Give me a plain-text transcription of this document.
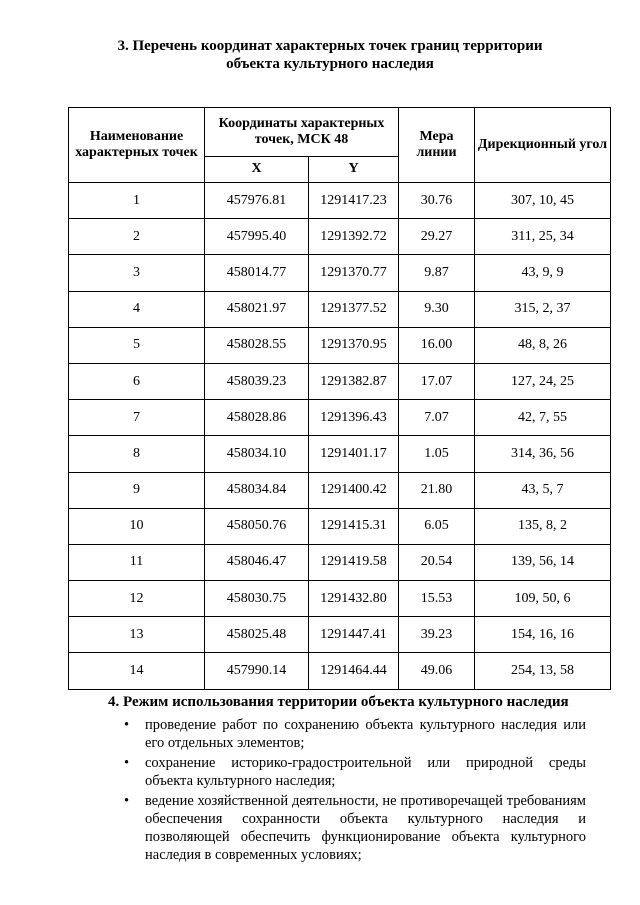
3. Перечень координат характерных точек границ территории
объекта культурного наследия
Наименование характерных точек	Координаты характерных точек, МСК 48		Мера линии	Дирекционный угол
	X	Y		
1	457976.81	1291417.23	30.76	307, 10, 45
2	457995.40	1291392.72	29.27	311, 25, 34
3	458014.77	1291370.77	9.87	43, 9, 9
4	458021.97	1291377.52	9.30	315, 2, 37
5	458028.55	1291370.95	16.00	48, 8, 26
6	458039.23	1291382.87	17.07	127, 24, 25
7	458028.86	1291396.43	7.07	42, 7, 55
8	458034.10	1291401.17	1.05	314, 36, 56
9	458034.84	1291400.42	21.80	43, 5, 7
10	458050.76	1291415.31	6.05	135, 8, 2
11	458046.47	1291419.58	20.54	139, 56, 14
12	458030.75	1291432.80	15.53	109, 50, 6
13	458025.48	1291447.41	39.23	154, 16, 16
14	457990.14	1291464.44	49.06	254, 13, 58
4. Режим использования территории объекта культурного наследия
• проведение работ по сохранению объекта культурного наследия или его отдельных элементов;
• сохранение историко-градостроительной или природной среды объекта культурного наследия;
• ведение хозяйственной деятельности, не противоречащей требованиям обеспечения сохранности объекта культурного наследия и позволяющей обеспечить функционирование объекта культурного наследия в современных условиях;
